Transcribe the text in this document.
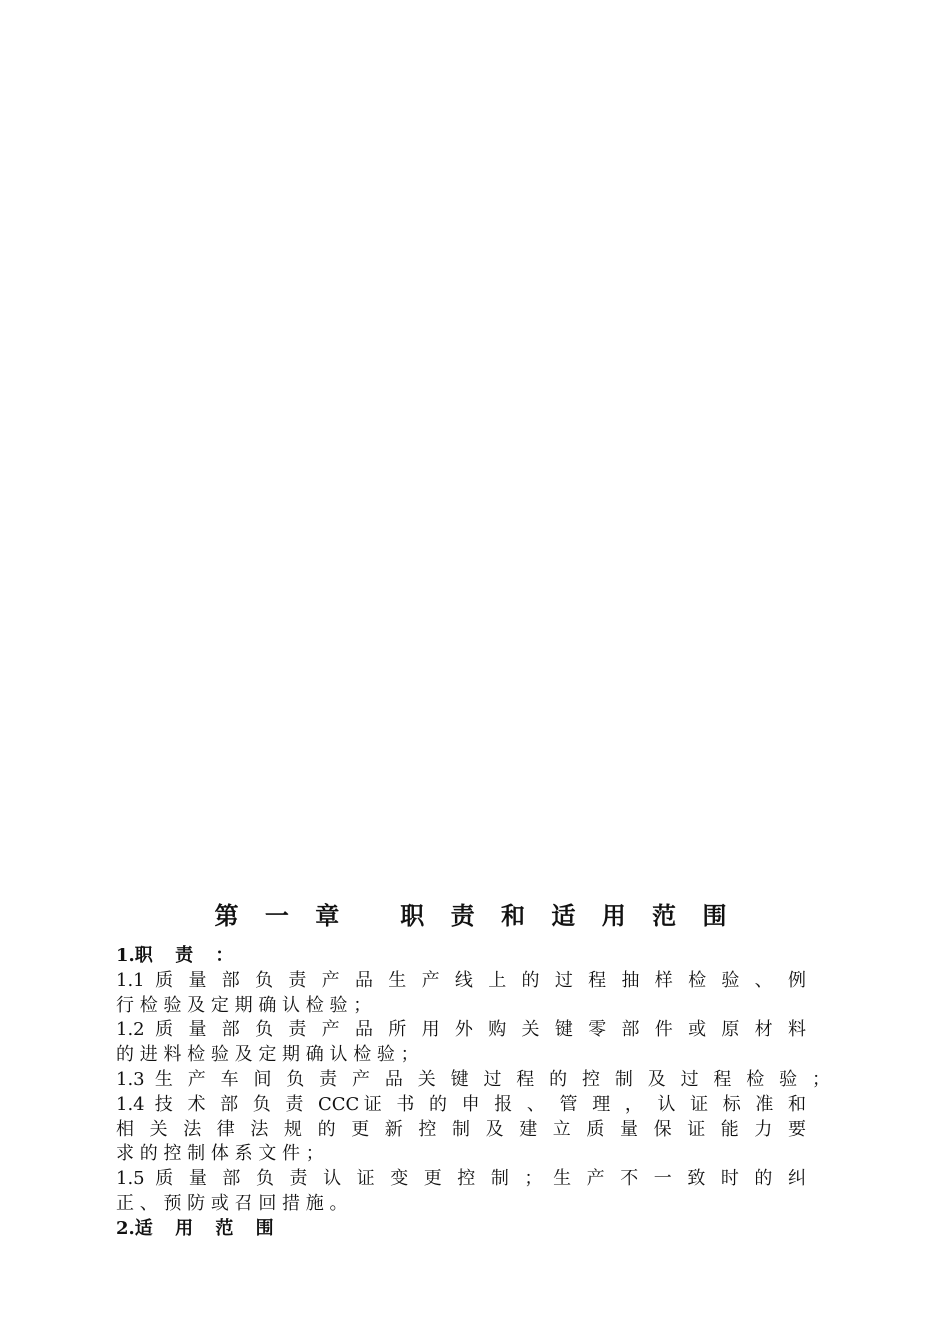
第 一 章   职 责 和 适 用 范 围
1.职 责 ：
1.1 质 量 部 负 责 产 品 生 产 线 上 的 过 程 抽 样 检 验 、 例
行 检 验 及 定 期 确 认 检 验 ；
1.2 质 量 部 负 责 产 品 所 用 外 购 关 键 零 部 件 或 原 材 料
的 进 料 检 验 及 定 期 确 认 检 验 ；
1.3 生 产 车 间 负 责 产 品 关 键 过 程 的 控 制 及 过 程 检 验 ；
1.4 技 术 部 负 责 CCC证 书 的 申 报 、 管 理 ， 认 证 标 准 和
相 关 法 律 法 规 的 更 新 控 制 及 建 立 质 量 保 证 能 力 要
求 的 控 制 体 系 文 件 ；
1.5 质 量 部 负 责 认 证 变 更 控 制 ； 生 产 不 一 致 时 的 纠
正 、 预 防 或 召 回 措 施 。
2.适 用 范 围
